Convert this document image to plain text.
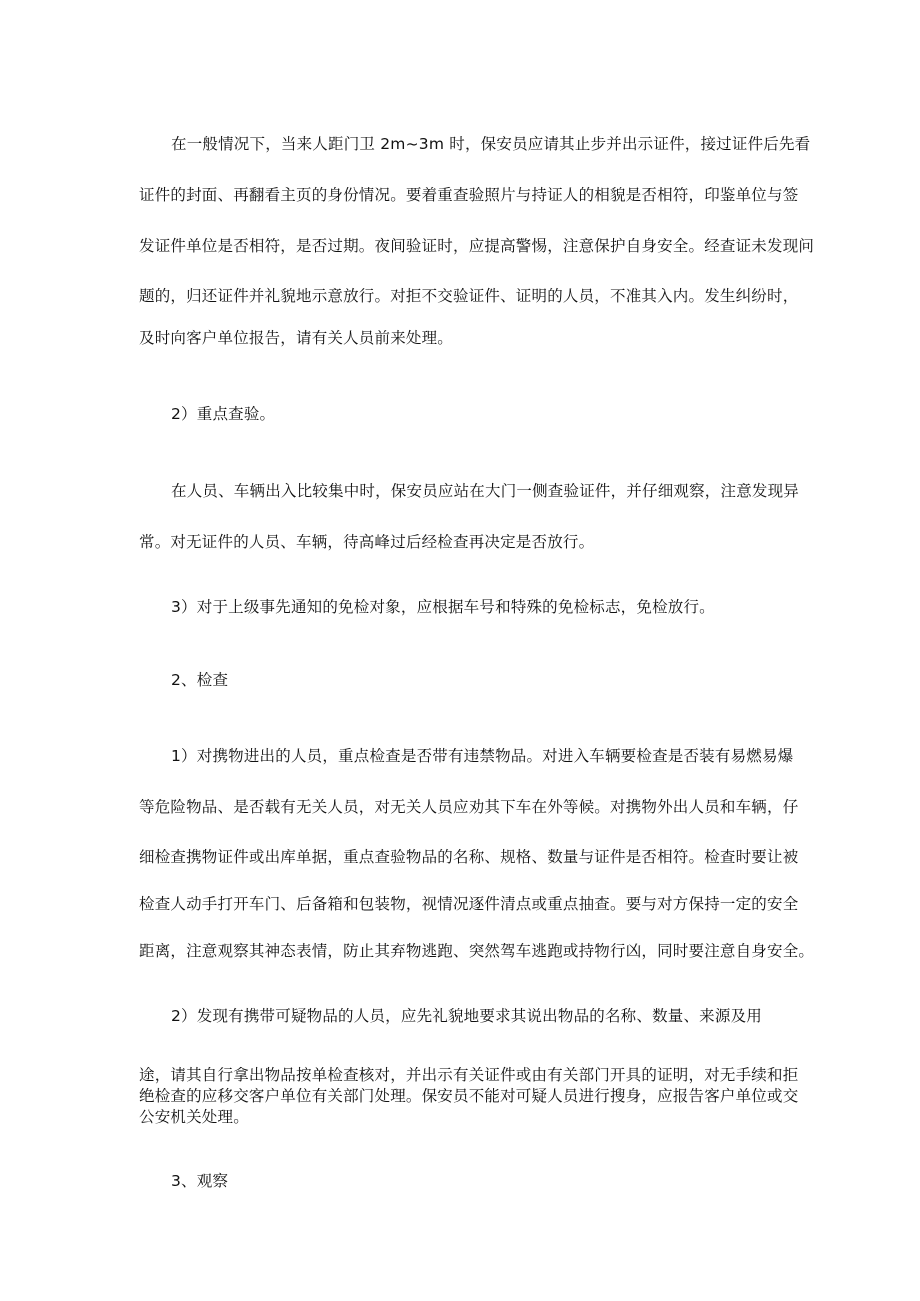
在一般情况下，当来人距门卫 2m~3m 时，保安员应请其止步并出示证件，接过证件后先看
证件的封面、再翻看主页的身份情况。要着重查验照片与持证人的相貌是否相符，印鉴单位与签
发证件单位是否相符，是否过期。夜间验证时，应提高警惕，注意保护自身安全。经查证未发现问
题的，归还证件并礼貌地示意放行。对拒不交验证件、证明的人员，不准其入内。发生纠纷时，
及时向客户单位报告，请有关人员前来处理。
2）重点查验。
在人员、车辆出入比较集中时，保安员应站在大门一侧查验证件，并仔细观察，注意发现异
常。对无证件的人员、车辆，待高峰过后经检查再决定是否放行。
3）对于上级事先通知的免检对象，应根据车号和特殊的免检标志，免检放行。
2、检查
1）对携物进出的人员，重点检查是否带有违禁物品。对进入车辆要检查是否装有易燃易爆
等危险物品、是否载有无关人员，对无关人员应劝其下车在外等候。对携物外出人员和车辆，仔
细检查携物证件或出库单据，重点查验物品的名称、规格、数量与证件是否相符。检查时要让被
检查人动手打开车门、后备箱和包装物，视情况逐件清点或重点抽查。要与对方保持一定的安全
距离，注意观察其神态表情，防止其弃物逃跑、突然驾车逃跑或持物行凶，同时要注意自身安全。
2）发现有携带可疑物品的人员，应先礼貌地要求其说出物品的名称、数量、来源及用
途，请其自行拿出物品按单检查核对，并出示有关证件或由有关部门开具的证明，对无手续和拒
绝检查的应移交客户单位有关部门处理。保安员不能对可疑人员进行搜身，应报告客户单位或交
公安机关处理。
3、观察
